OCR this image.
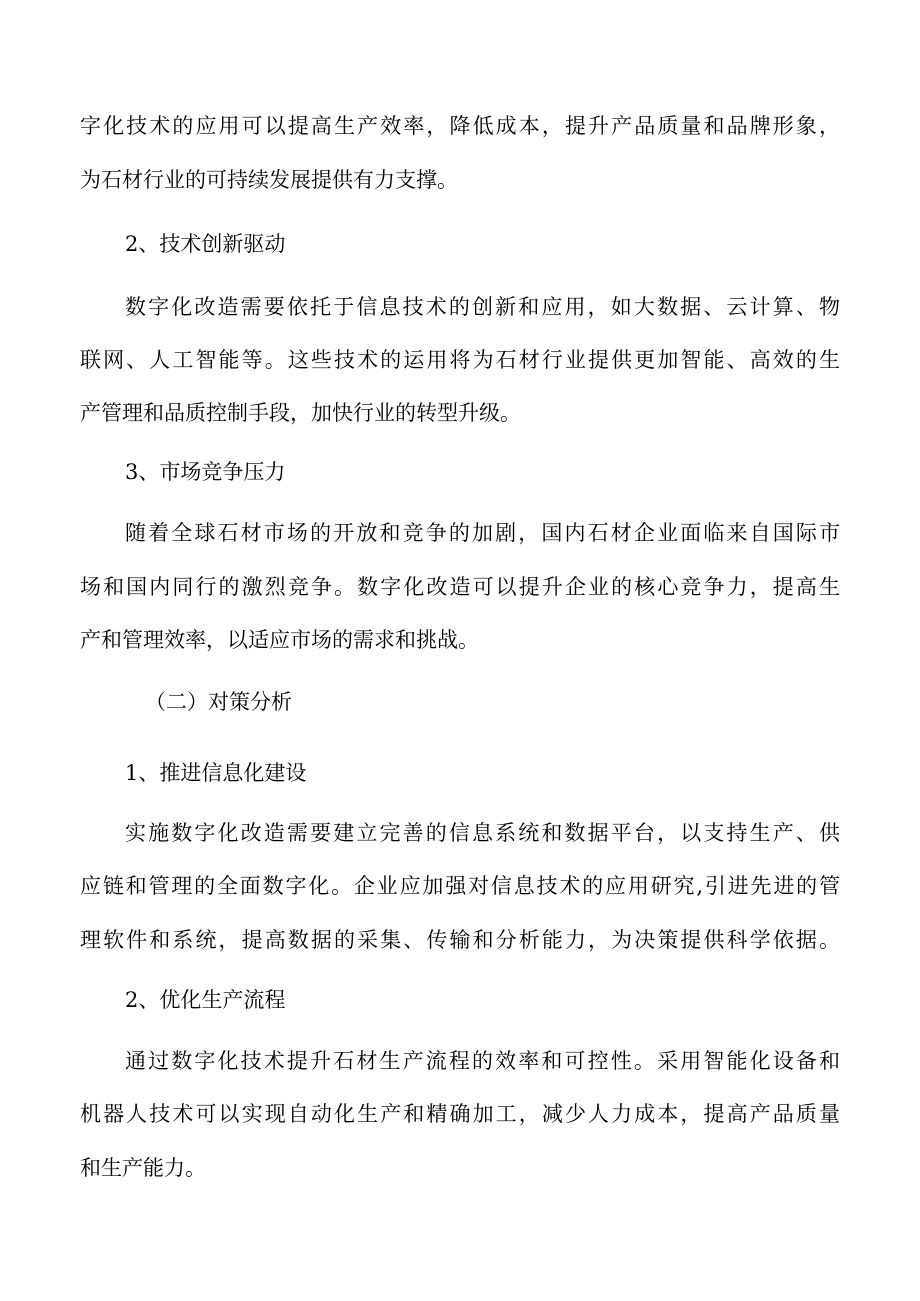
字化技术的应用可以提高生产效率，降低成本，提升产品质量和品牌形象，
为石材行业的可持续发展提供有力支撑。
2、技术创新驱动
数字化改造需要依托于信息技术的创新和应用，如大数据、云计算、物
联网、人工智能等。这些技术的运用将为石材行业提供更加智能、高效的生
产管理和品质控制手段，加快行业的转型升级。
3、市场竞争压力
随着全球石材市场的开放和竞争的加剧，国内石材企业面临来自国际市
场和国内同行的激烈竞争。数字化改造可以提升企业的核心竞争力，提高生
产和管理效率，以适应市场的需求和挑战。
（二）对策分析
1、推进信息化建设
实施数字化改造需要建立完善的信息系统和数据平台，以支持生产、供
应链和管理的全面数字化。企业应加强对信息技术的应用研究,引进先进的管
理软件和系统，提高数据的采集、传输和分析能力，为决策提供科学依据。
2、优化生产流程
通过数字化技术提升石材生产流程的效率和可控性。采用智能化设备和
机器人技术可以实现自动化生产和精确加工，减少人力成本，提高产品质量
和生产能力。
